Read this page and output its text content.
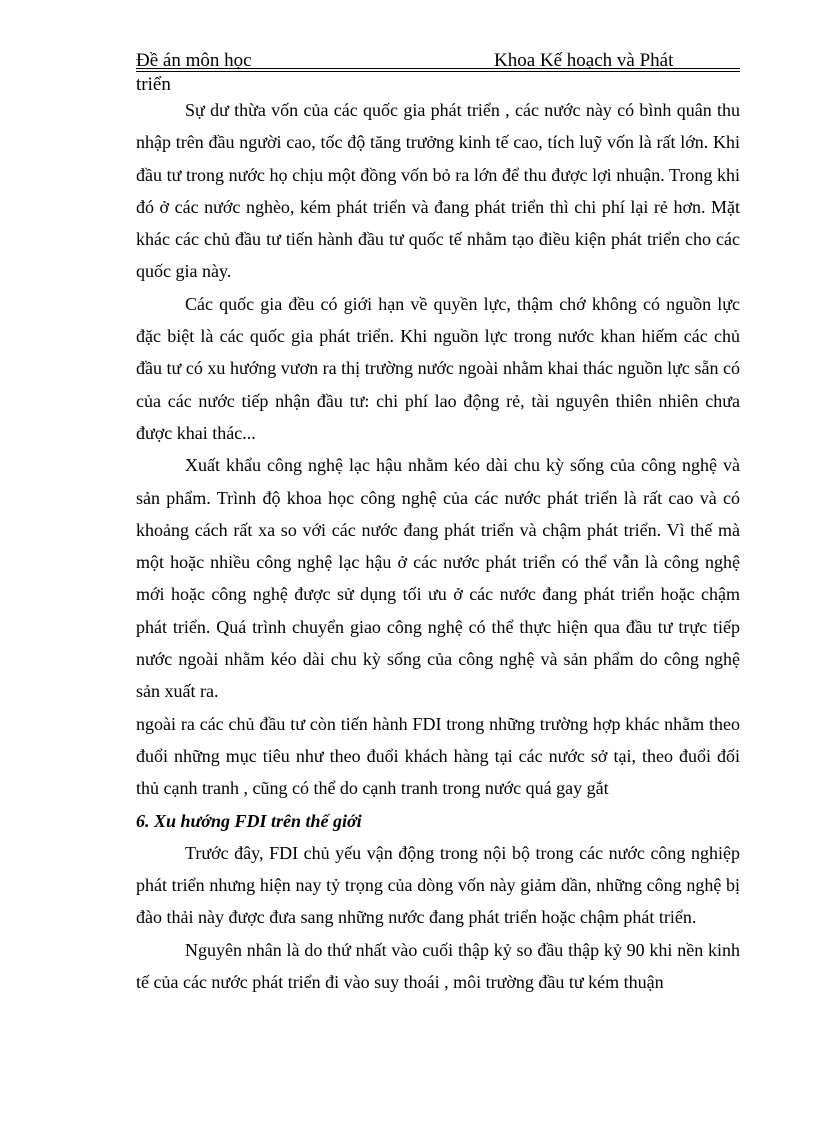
Đề án môn học	Khoa Kế hoạch và Phát
triển

Sự dư thừa vốn của các quốc gia phát triển , các nước này có bình quân thu nhập trên đầu người cao, tốc độ tăng trưởng kinh tế cao, tích luỹ vốn là rất lớn. Khi đầu tư trong nước họ chịu một đồng vốn bỏ ra lớn để thu được lợi nhuận. Trong khi đó ở các nước nghèo, kém phát triển và đang phát triển thì chi phí lại rẻ hơn. Mặt khác các chủ đầu tư tiến hành đầu tư quốc tế nhằm tạo điều kiện phát triển cho các quốc gia này.

Các quốc gia đều có giới hạn về quyền lực, thậm chớ không có nguồn lực đặc biệt là các quốc gia phát triển. Khi nguồn lực trong nước khan hiếm các chủ đầu tư có xu hướng vươn ra thị trường nước ngoài nhằm khai thác nguồn lực sẵn có của các nước tiếp nhận đầu tư: chi phí lao động rẻ, tài nguyên thiên nhiên chưa được khai thác...

Xuất khẩu công nghệ lạc hậu nhằm kéo dài chu kỳ sống của công nghệ và sản phẩm. Trình độ khoa học công nghệ của các nước phát triển là rất cao và có khoảng cách rất xa so với các nước đang phát triển và chậm phát triển. Vì thế mà một hoặc nhiều công nghệ lạc hậu ở các nước phát triển có thể vẫn là công nghệ mới hoặc công nghệ được sử dụng tối ưu ở các nước đang phát triển hoặc chậm phát triển. Quá trình chuyển giao công nghệ có thể thực hiện qua đầu tư trực tiếp nước ngoài nhằm kéo dài chu kỳ sống của công nghệ và sản phẩm do công nghệ sản xuất ra.

ngoài ra các chủ đầu tư còn tiến hành FDI trong những trường hợp khác nhằm theo đuổi những mục tiêu như theo đuổi khách hàng tại các nước sở tại, theo đuổi đối thủ cạnh tranh , cũng có thể do cạnh tranh trong nước quá gay gắt

6. Xu hướng FDI trên thế giới

Trước đây, FDI chủ yếu vận động trong nội bộ trong các nước công nghiệp phát triển nhưng hiện nay tỷ trọng của dòng vốn này giảm dần, những công nghệ bị đào thải này được đưa sang những nước đang phát triển hoặc chậm phát triển.

Nguyên nhân là do thứ nhất vào cuối thập kỷ so đầu thập kỷ 90 khi nền kinh tế của các nước phát triển đi vào suy thoái , môi trường đầu tư kém thuận
